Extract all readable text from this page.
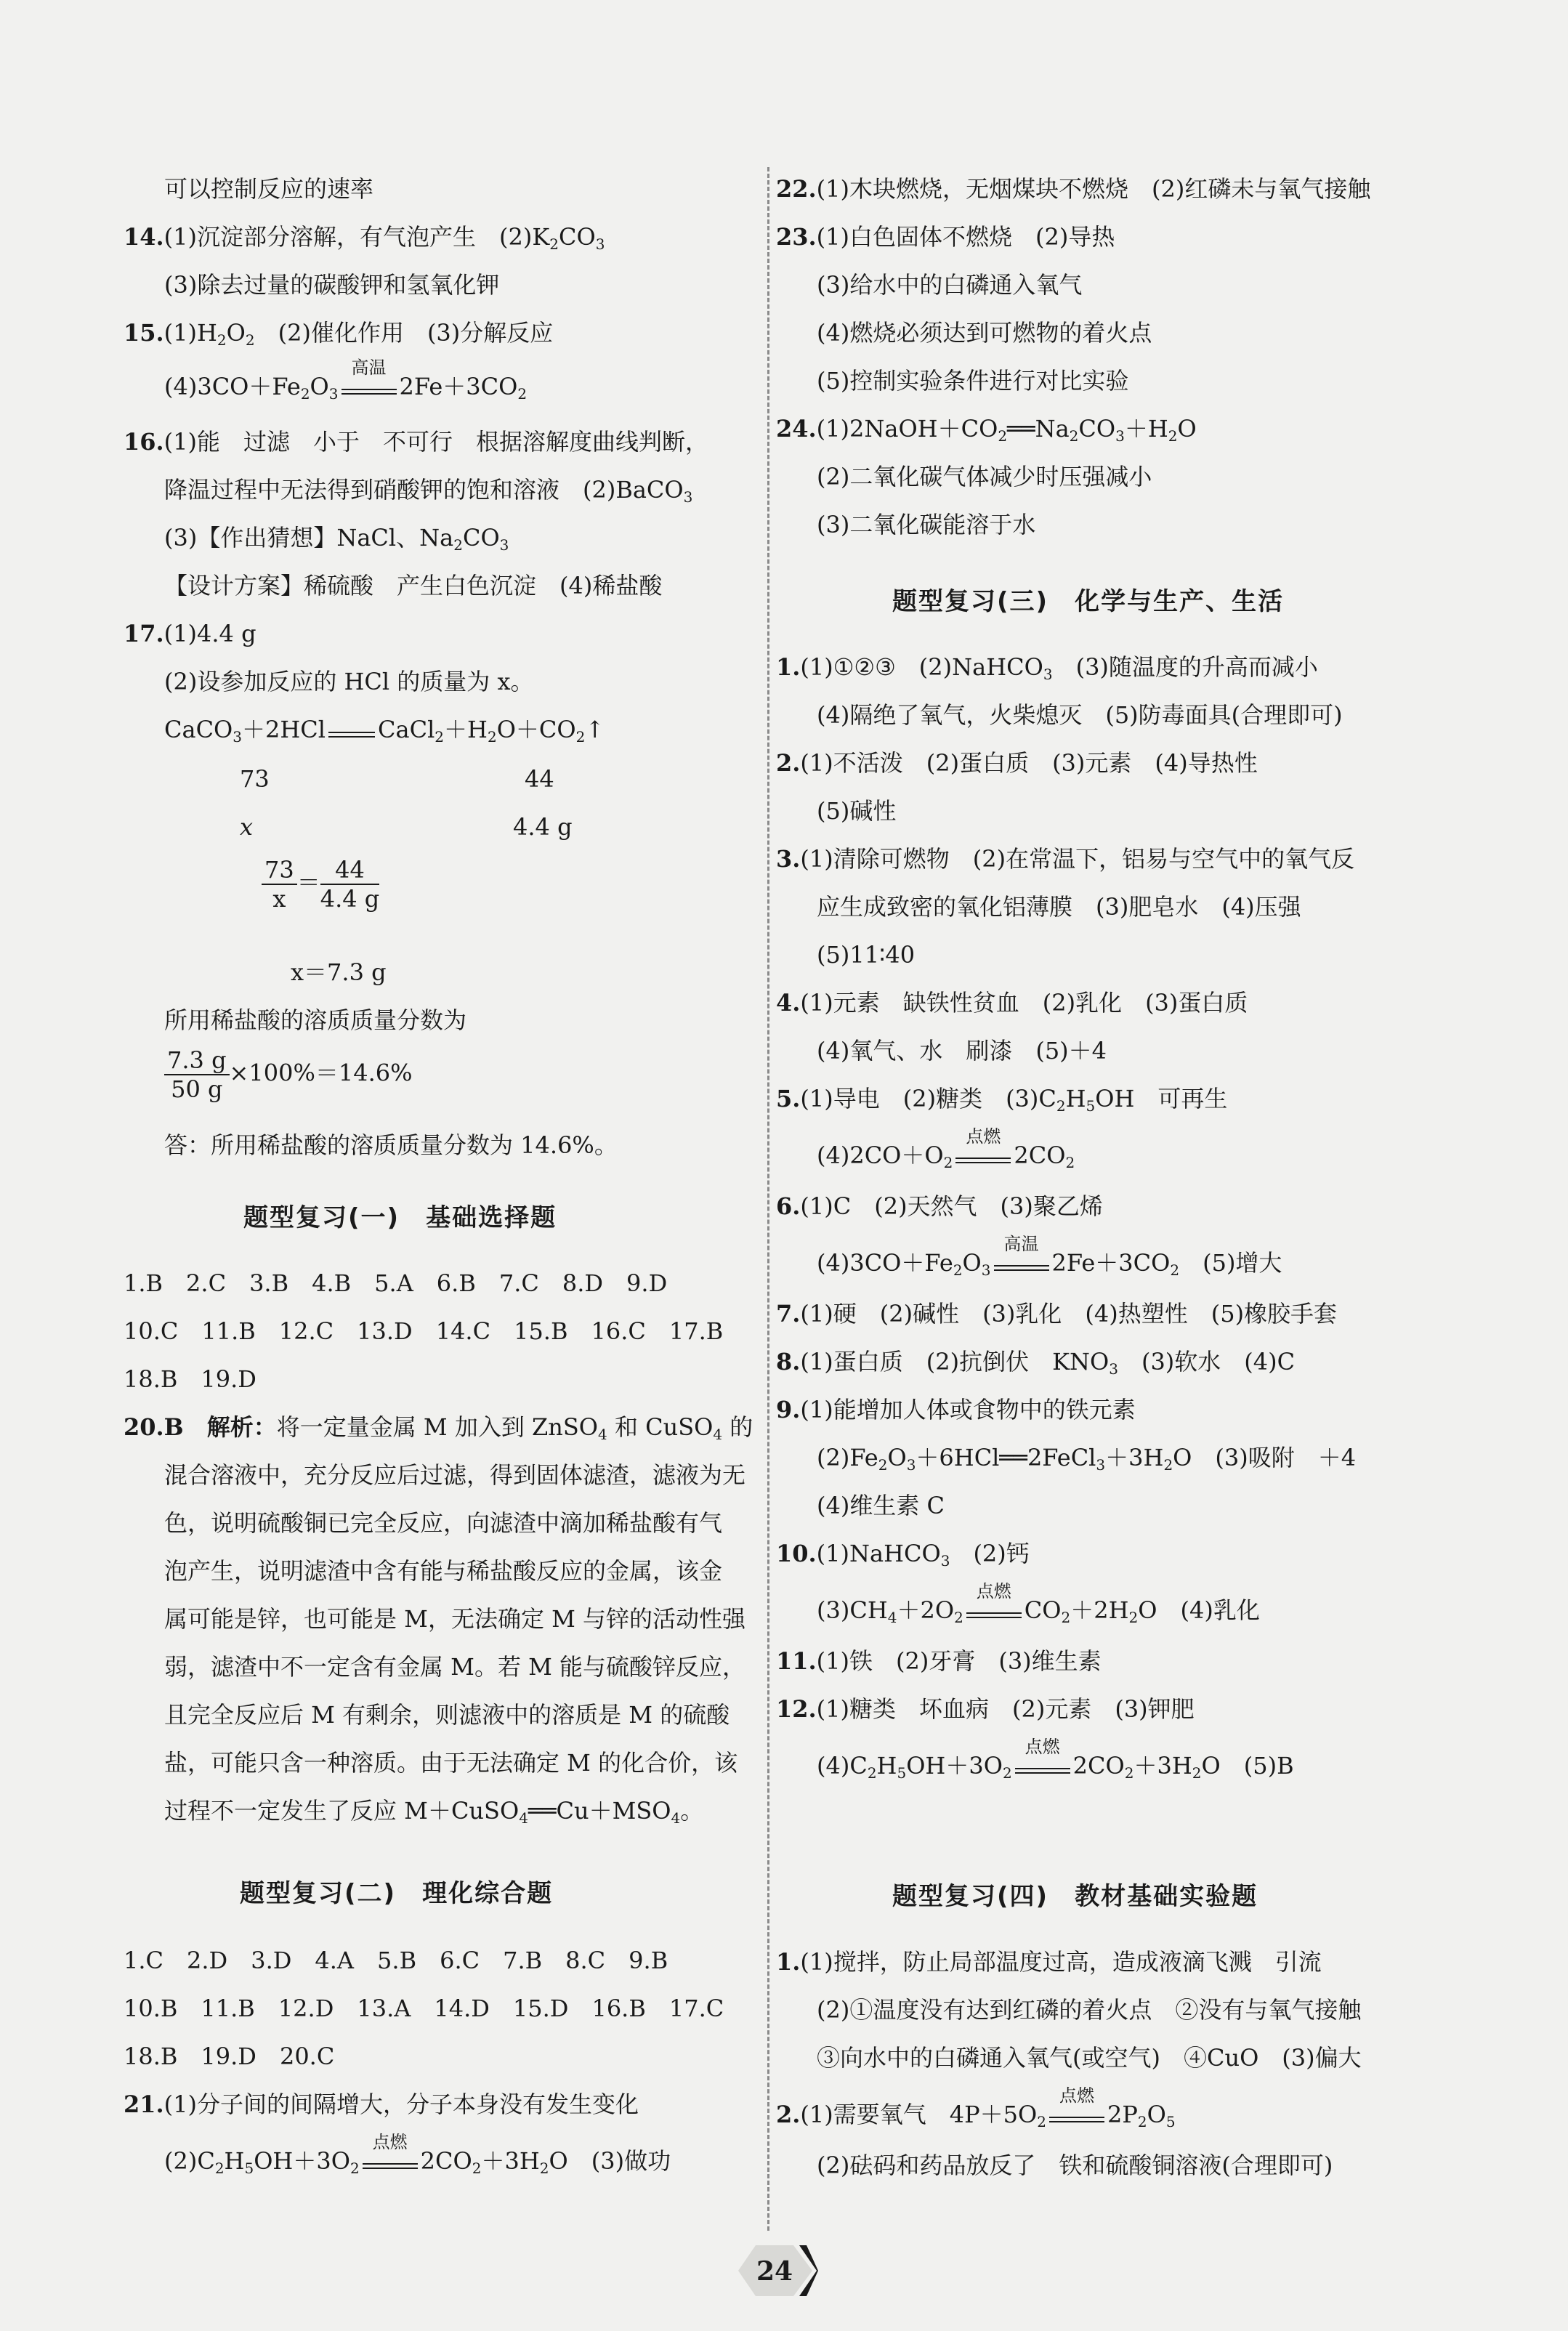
可以控制反应的速率
14.(1)沉淀部分溶解，有气泡产生　$(2)K_2CO_3$
(3)除去过量的碳酸钾和氢氧化钾
$15.(1)H_2O_2$　(2)催化作用　(3)分解反应
$(4)3CO+Fe_2O_3$
高温
$2Fe+3CO_2$
16.(1)能　过滤　小于　不可行　根据溶解度曲线判断，
降温过程中无法得到硝酸钾的饱和溶液　(2)BaCO$_3$
(3)【作出猜想】NaCl、$Na_2CO_3$
【设计方案】稀硫酸　产生白色沉淀　(4)稀盐酸
17.(1)4.4 g
(2)设参加反应的 HCl 的质量为 x。
CaCO$_3$＋2HCl $CaCl_2+H_2O+CO_2↑$
73	44
x	4.4 g
$\frac{73}{x} = \frac{44}{4.4 g}$
x＝7.3 g
所用稀盐酸的溶质质量分数为
$\frac{7.3 g}{50 g} \times 100\%=14.6\%$
答：所用稀盐酸的溶质质量分数为 14.6%。
题型复习(一)　基础选择题
1.B　2.C　3.B　4.B　5.A　6.B　7.C　8.D　9.D
10.C　11.B　12.C　13.D　14.C　15.B　16.C　17.B
18.B　19.D
20.B　 解析：将一定量金属 M 加入到 ZnSO$_4$ 和 CuSO$_4$ 的
混合溶液中，充分反应后过滤，得到固体滤渣，滤液为无
色，说明硫酸铜已完全反应，向滤渣中滴加稀盐酸有气
泡产生，说明滤渣中含有能与稀盐酸反应的金属，该金
属可能是锌，也可能是 M，无法确定 M 与锌的活动性强
弱，滤渣中不一定含有金属 M。若 M 能与硫酸锌反应，
且完全反应后 M 有剩余，则滤液中的溶质是 M 的硫酸
盐，可能只含一种溶质。由于无法确定 M 的化合价，该
过程不一定发生了反应 $M+CuSO_4══Cu+MSO_4$。
题型复习(二)　理化综合题
1.C　2.D　3.D　4.A　5.B　6.C　7.B　8.C　9.B
10.B　11.B　12.D　13.A　14.D　15.D　16.B　17.C
18.B　19.D　20.C
21.(1)分子间的间隔增大，分子本身没有发生变化
$(2)C_2H_5OH+3O_2$
点燃
$2CO_2+3H_2O$　(3)做功
22.(1)木块燃烧，无烟煤块不燃烧　(2)红磷未与氧气接触
23.(1)白色固体不燃烧　(2)导热
(3)给水中的白磷通入氧气
(4)燃烧必须达到可燃物的着火点
(5)控制实验条件进行对比实验
$24.(1)2NaOH+CO_2══Na_2CO_3+H_2O$
(2)二氧化碳气体减少时压强减小
(3)二氧化碳能溶于水
题型复习(三)　化学与生产、生活
1.(1)①②③　(2)NaHCO$_3$　(3)随温度的升高而减小
(4)隔绝了氧气，火柴熄灭　(5)防毒面具(合理即可)
2.(1)不活泼　(2)蛋白质　(3)元素　(4)导热性
(5)碱性
3.(1)清除可燃物　(2)在常温下，铝易与空气中的氧气反
应生成致密的氧化铝薄膜　(3)肥皂水　(4)压强
(5)11∶40
4.(1)元素　缺铁性贫血　(2)乳化　(3)蛋白质
(4)氧气、水　刷漆　(5)＋4
5.(1)导电　(2)糖类　$(3)C_2H_5OH$　可再生
$(4)2CO+O_2$
点燃
$2CO_2$
6.(1)C　(2)天然气　(3)聚乙烯
$(4)3CO+Fe_2O_3$
高温
$2Fe+3CO_2$　(5)增大
7.(1)硬　(2)碱性　(3)乳化　(4)热塑性　(5)橡胶手套
8.(1)蛋白质　(2)抗倒伏　$KNO_3$　(3)软水　(4)C
9.(1)能增加人体或食物中的铁元素
$(2)Fe_2O_3+6HCl══2FeCl_3+3H_2O$　(3)吸附　＋4
(4)维生素 C
10.(1)NaHCO$_3$　(2)钙
$(3)CH_4+2O_2$
点燃
$CO_2+2H_2O$　(4)乳化
11.(1)铁　(2)牙膏　(3)维生素
12.(1)糖类　坏血病　(2)元素　(3)钾肥
$(4)C_2H_5OH+3O_2$
点燃
$2CO_2+3H_2O$　(5)B
题型复习(四)　教材基础实验题
1.(1)搅拌，防止局部温度过高，造成液滴飞溅　引流
(2)①温度没有达到红磷的着火点　②没有与氧气接触
③向水中的白磷通入氧气(或空气)　④CuO　(3)偏大
2.(1)需要氧气　$4P+5O_2$
点燃
$2P_2O_5$
(2)砝码和药品放反了　铁和硫酸铜溶液(合理即可)
24
